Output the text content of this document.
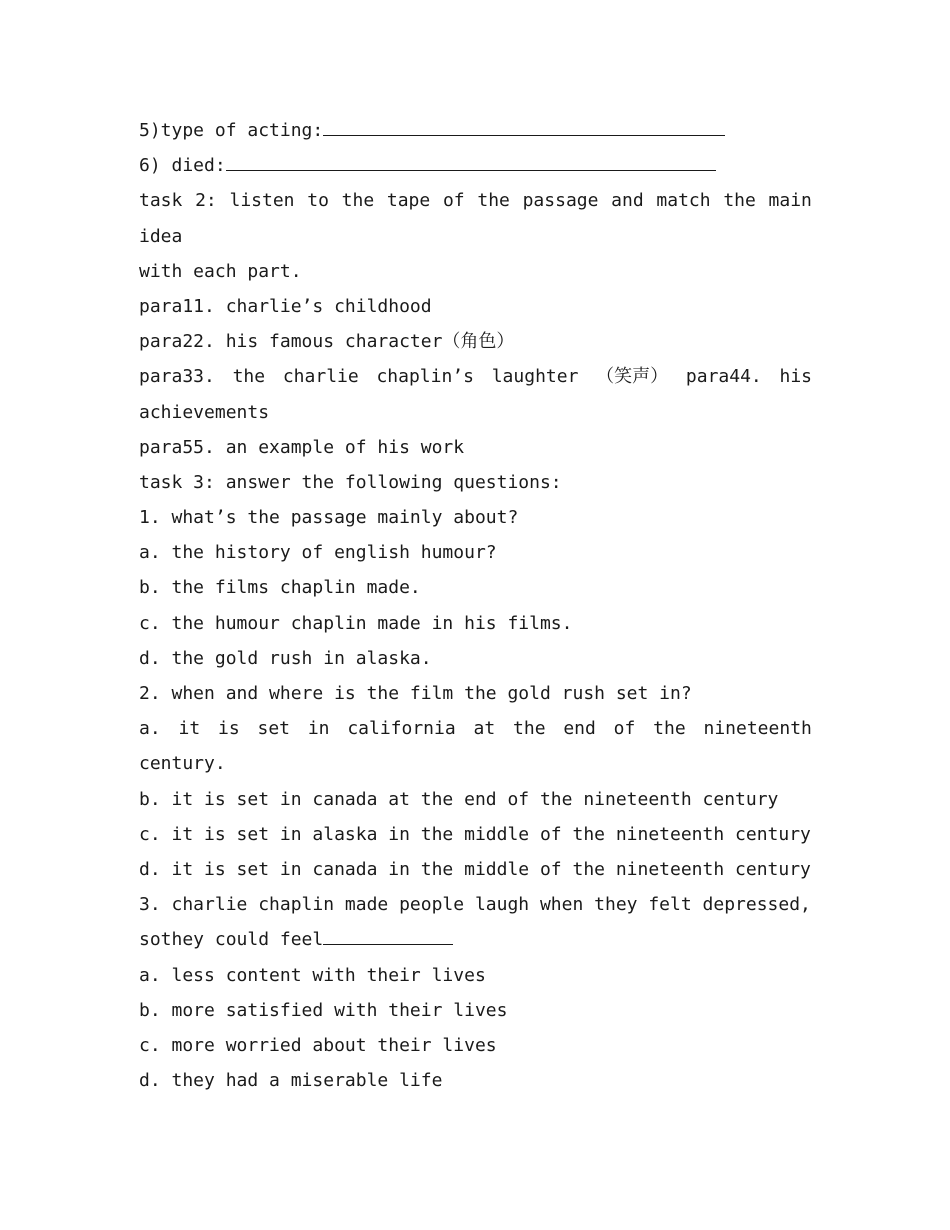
5)type of acting:
6) died:
task 2: listen to the tape of the passage and match the main
idea
with each part.
para11. charlie’s childhood
para22. his famous character（角色）
para33. the charlie chaplin’s laughter （笑声） para44. his
achievements
para55. an example of his work
task 3: answer the following questions:
1. what’s the passage mainly about?
a. the history of english humour?
b. the films chaplin made.
c. the humour chaplin made in his films.
d. the gold rush in alaska.
2. when and where is the film the gold rush set in?
a. it is set in california at the end of the nineteenth
century.
b. it is set in canada at the end of the nineteenth century
c. it is set in alaska in the middle of the nineteenth century
d. it is set in canada in the middle of the nineteenth century
3. charlie chaplin made people laugh when they felt depressed,
sothey could feel
a. less content with their lives
b. more satisfied with their lives
c. more worried about their lives
d. they had a miserable life
